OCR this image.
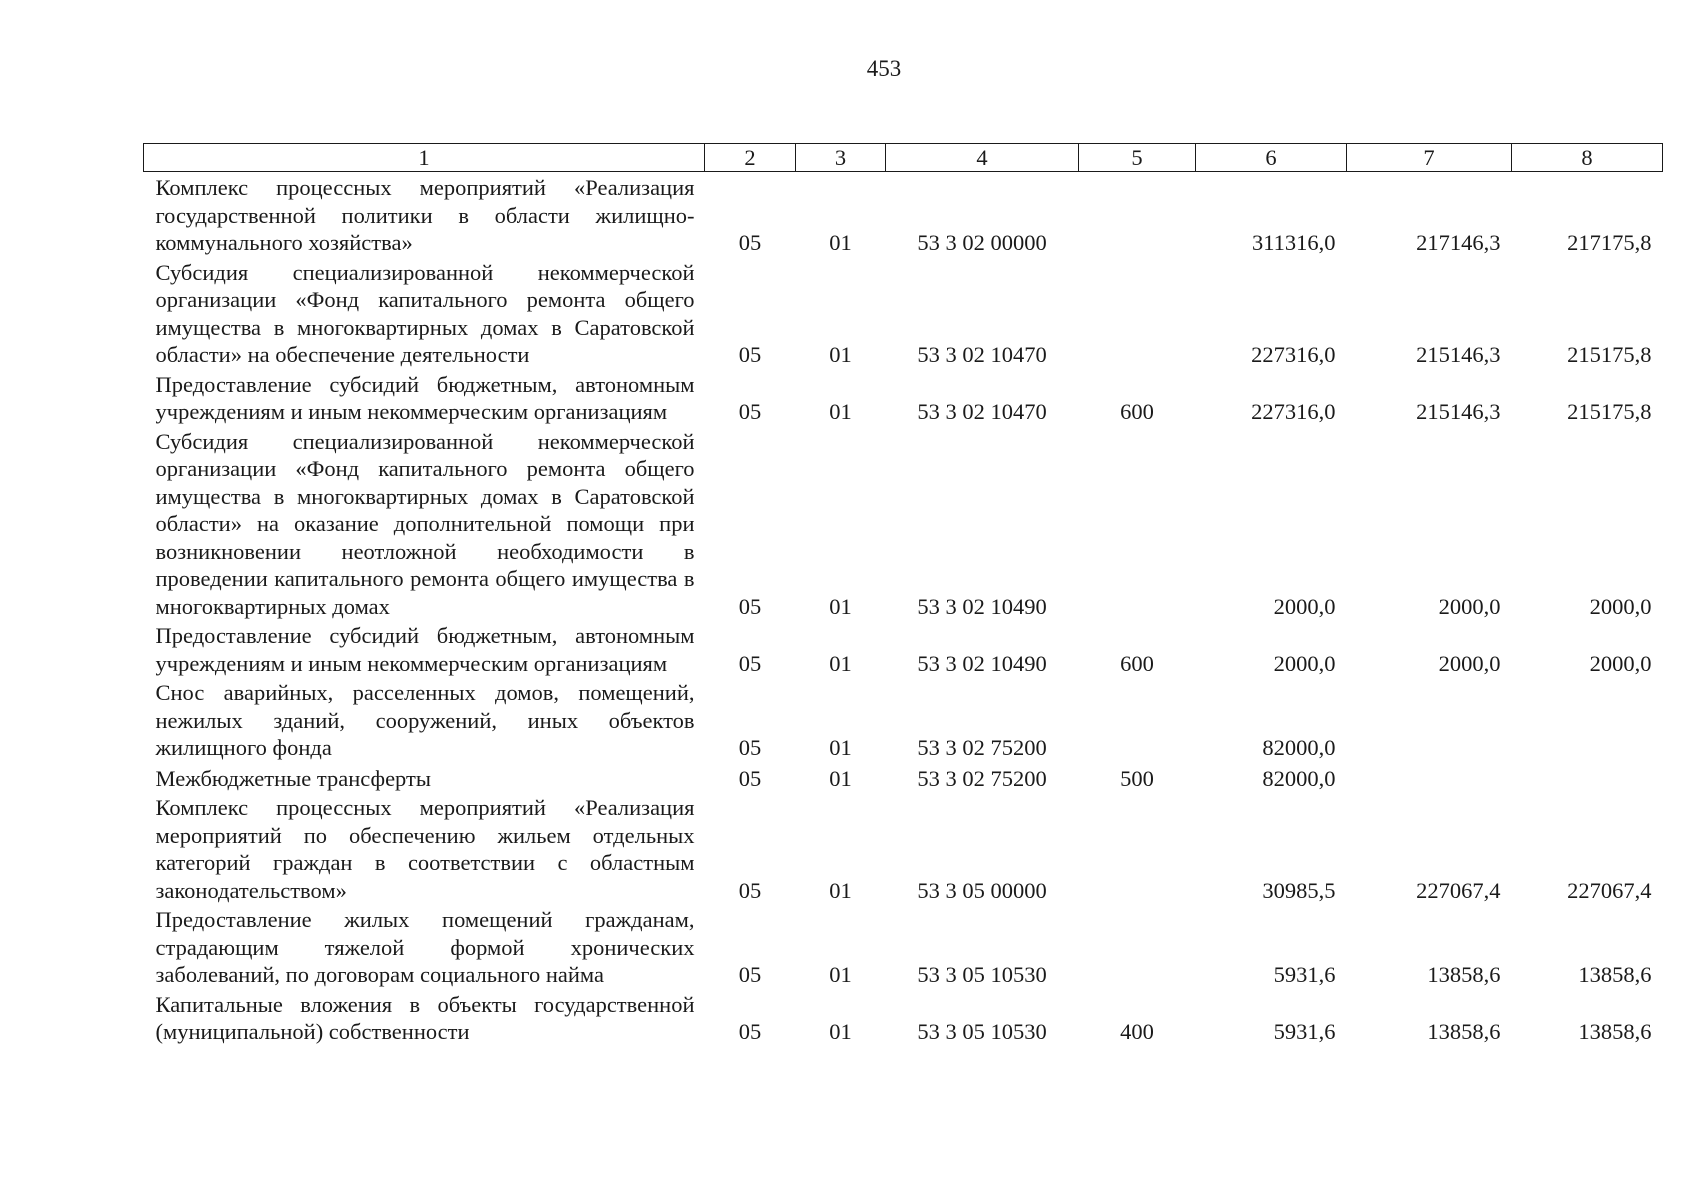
453
1	2	3	4	5	6	7	8
Комплекс процессных мероприятий «Реализация государственной политики в области жилищно-коммунального хозяйства»	05	01	53 3 02 00000		311316,0	217146,3	217175,8
Субсидия специализированной некоммерческой организации «Фонд капитального ремонта общего имущества в многоквартирных домах в Саратовской области» на обеспечение деятельности	05	01	53 3 02 10470		227316,0	215146,3	215175,8
Предоставление субсидий бюджетным, автономным учреждениям и иным некоммерческим организациям	05	01	53 3 02 10470	600	227316,0	215146,3	215175,8
Субсидия специализированной некоммерческой организации «Фонд капитального ремонта общего имущества в многоквартирных домах в Саратовской области» на оказание дополнительной помощи при возникновении неотложной необходимости в проведении капитального ремонта общего имущества в многоквартирных домах	05	01	53 3 02 10490		2000,0	2000,0	2000,0
Предоставление субсидий бюджетным, автономным учреждениям и иным некоммерческим организациям	05	01	53 3 02 10490	600	2000,0	2000,0	2000,0
Снос аварийных, расселенных домов, помещений, нежилых зданий, сооружений, иных объектов жилищного фонда	05	01	53 3 02 75200		82000,0		
Межбюджетные трансферты	05	01	53 3 02 75200	500	82000,0		
Комплекс процессных мероприятий «Реализация мероприятий по обеспечению жильем отдельных категорий граждан в соответствии с областным законодательством»	05	01	53 3 05 00000		30985,5	227067,4	227067,4
Предоставление жилых помещений гражданам, страдающим тяжелой формой хронических заболеваний, по договорам социального найма	05	01	53 3 05 10530		5931,6	13858,6	13858,6
Капитальные вложения в объекты государственной (муниципальной) собственности	05	01	53 3 05 10530	400	5931,6	13858,6	13858,6
